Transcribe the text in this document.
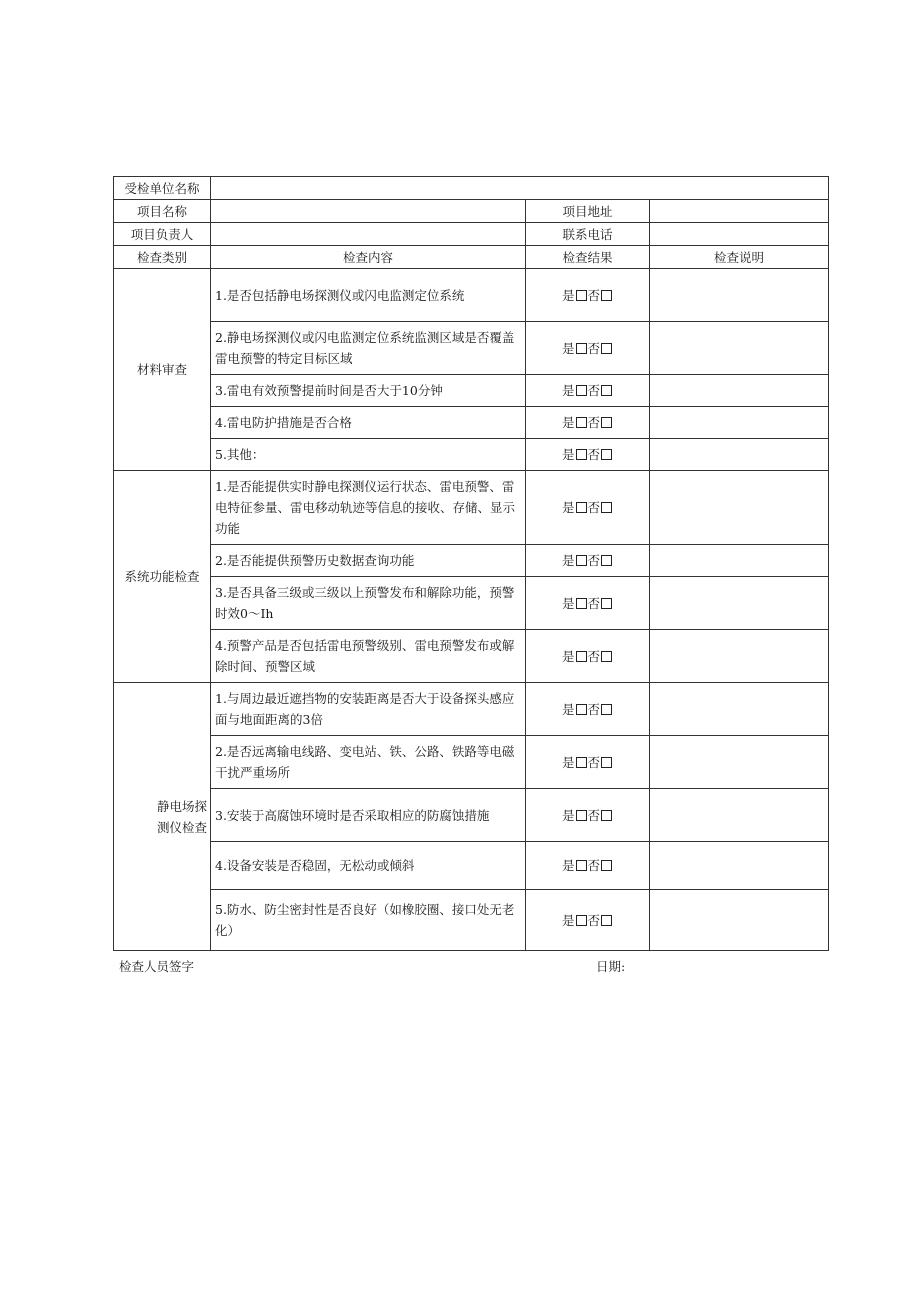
受检单位名称			
项目名称		项目地址	
项目负责人		联系电话	
检查类别	检查内容	检查结果	检查说明
材料审查	1.是否包括静电场探测仪或闪电监测定位系统	是 否	
	2.静电场探测仪或闪电监测定位系统监测区域是否覆盖雷电预警的特定目标区域	是 否	
	3.雷电有效预警提前时间是否大于10分钟	是 否	
	4.雷电防护措施是否合格	是 否	
	5.其他：	是 否	
系统功能检查	1.是否能提供实时静电探测仪运行状态、雷电预警、雷电特征参量、雷电移动轨迹等信息的接收、存储、显示功能	是 否	
	2.是否能提供预警历史数据查询功能	是 否	
	3.是否具备三级或三级以上预警发布和解除功能，预警时效0～Ih	是 否	
	4.预警产品是否包括雷电预警级别、雷电预警发布或解除时间、预警区域	是 否	
静电场探测仪检查	1.与周边最近遮挡物的安装距离是否大于设备探头感应面与地面距离的3倍	是 否	
	2.是否远离输电线路、变电站、铁、公路、铁路等电磁干扰严重场所	是 否	
	3.安装于高腐蚀环境时是否采取相应的防腐蚀措施	是 否	
	4.设备安装是否稳固，无松动或倾斜	是 否	
	5.防水、防尘密封性是否良好（如橡胶圈、接口处无老化）	是 否	
检查人员签字	日期:
